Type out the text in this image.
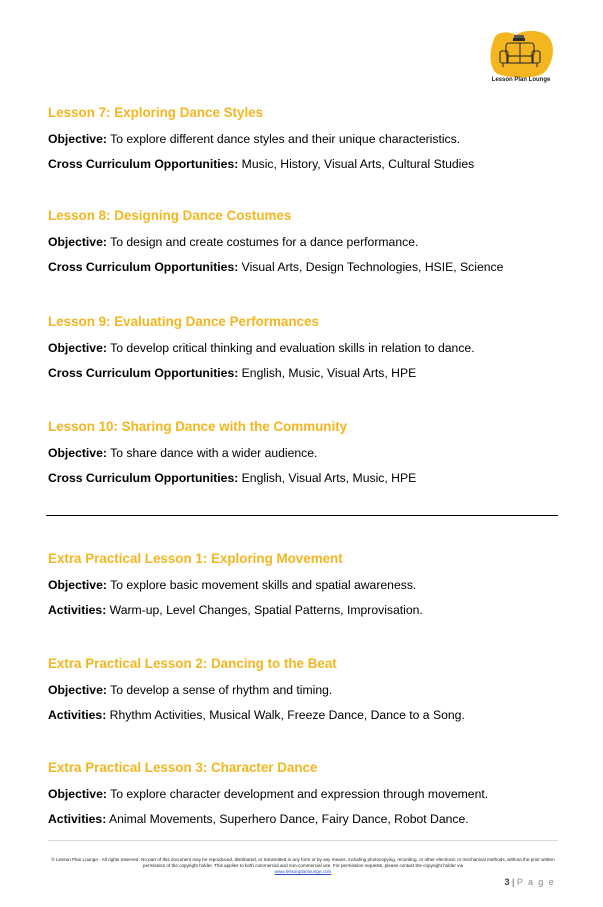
Lesson Plan Lounge
Lesson 7: Exploring Dance Styles

Objective: To explore different dance styles and their unique characteristics.

Cross Curriculum Opportunities: Music, History, Visual Arts, Cultural Studies

Lesson 8: Designing Dance Costumes

Objective: To design and create costumes for a dance performance.

Cross Curriculum Opportunities: Visual Arts, Design Technologies, HSIE, Science

Lesson 9: Evaluating Dance Performances

Objective: To develop critical thinking and evaluation skills in relation to dance.

Cross Curriculum Opportunities: English, Music, Visual Arts, HPE

Lesson 10: Sharing Dance with the Community

Objective: To share dance with a wider audience.

Cross Curriculum Opportunities: English, Visual Arts, Music, HPE

Extra Practical Lesson 1: Exploring Movement

Objective: To explore basic movement skills and spatial awareness.

Activities: Warm-up, Level Changes, Spatial Patterns, Improvisation.

Extra Practical Lesson 2: Dancing to the Beat

Objective: To develop a sense of rhythm and timing.

Activities: Rhythm Activities, Musical Walk, Freeze Dance, Dance to a Song.

Extra Practical Lesson 3: Character Dance

Objective: To explore character development and expression through movement.

Activities: Animal Movements, Superhero Dance, Fairy Dance, Robot Dance.

© Lesson Plan Lounge - All rights reserved. No part of this document may be reproduced, distributed, or transmitted in any form or by any means, including photocopying, recording, or other electronic or mechanical methods, without the prior written permission of the copyright holder. This applies to both commercial and non-commercial use. For permission requests, please contact the copyright holder via
www.lessonplanlounge.com
3 | P a g e
